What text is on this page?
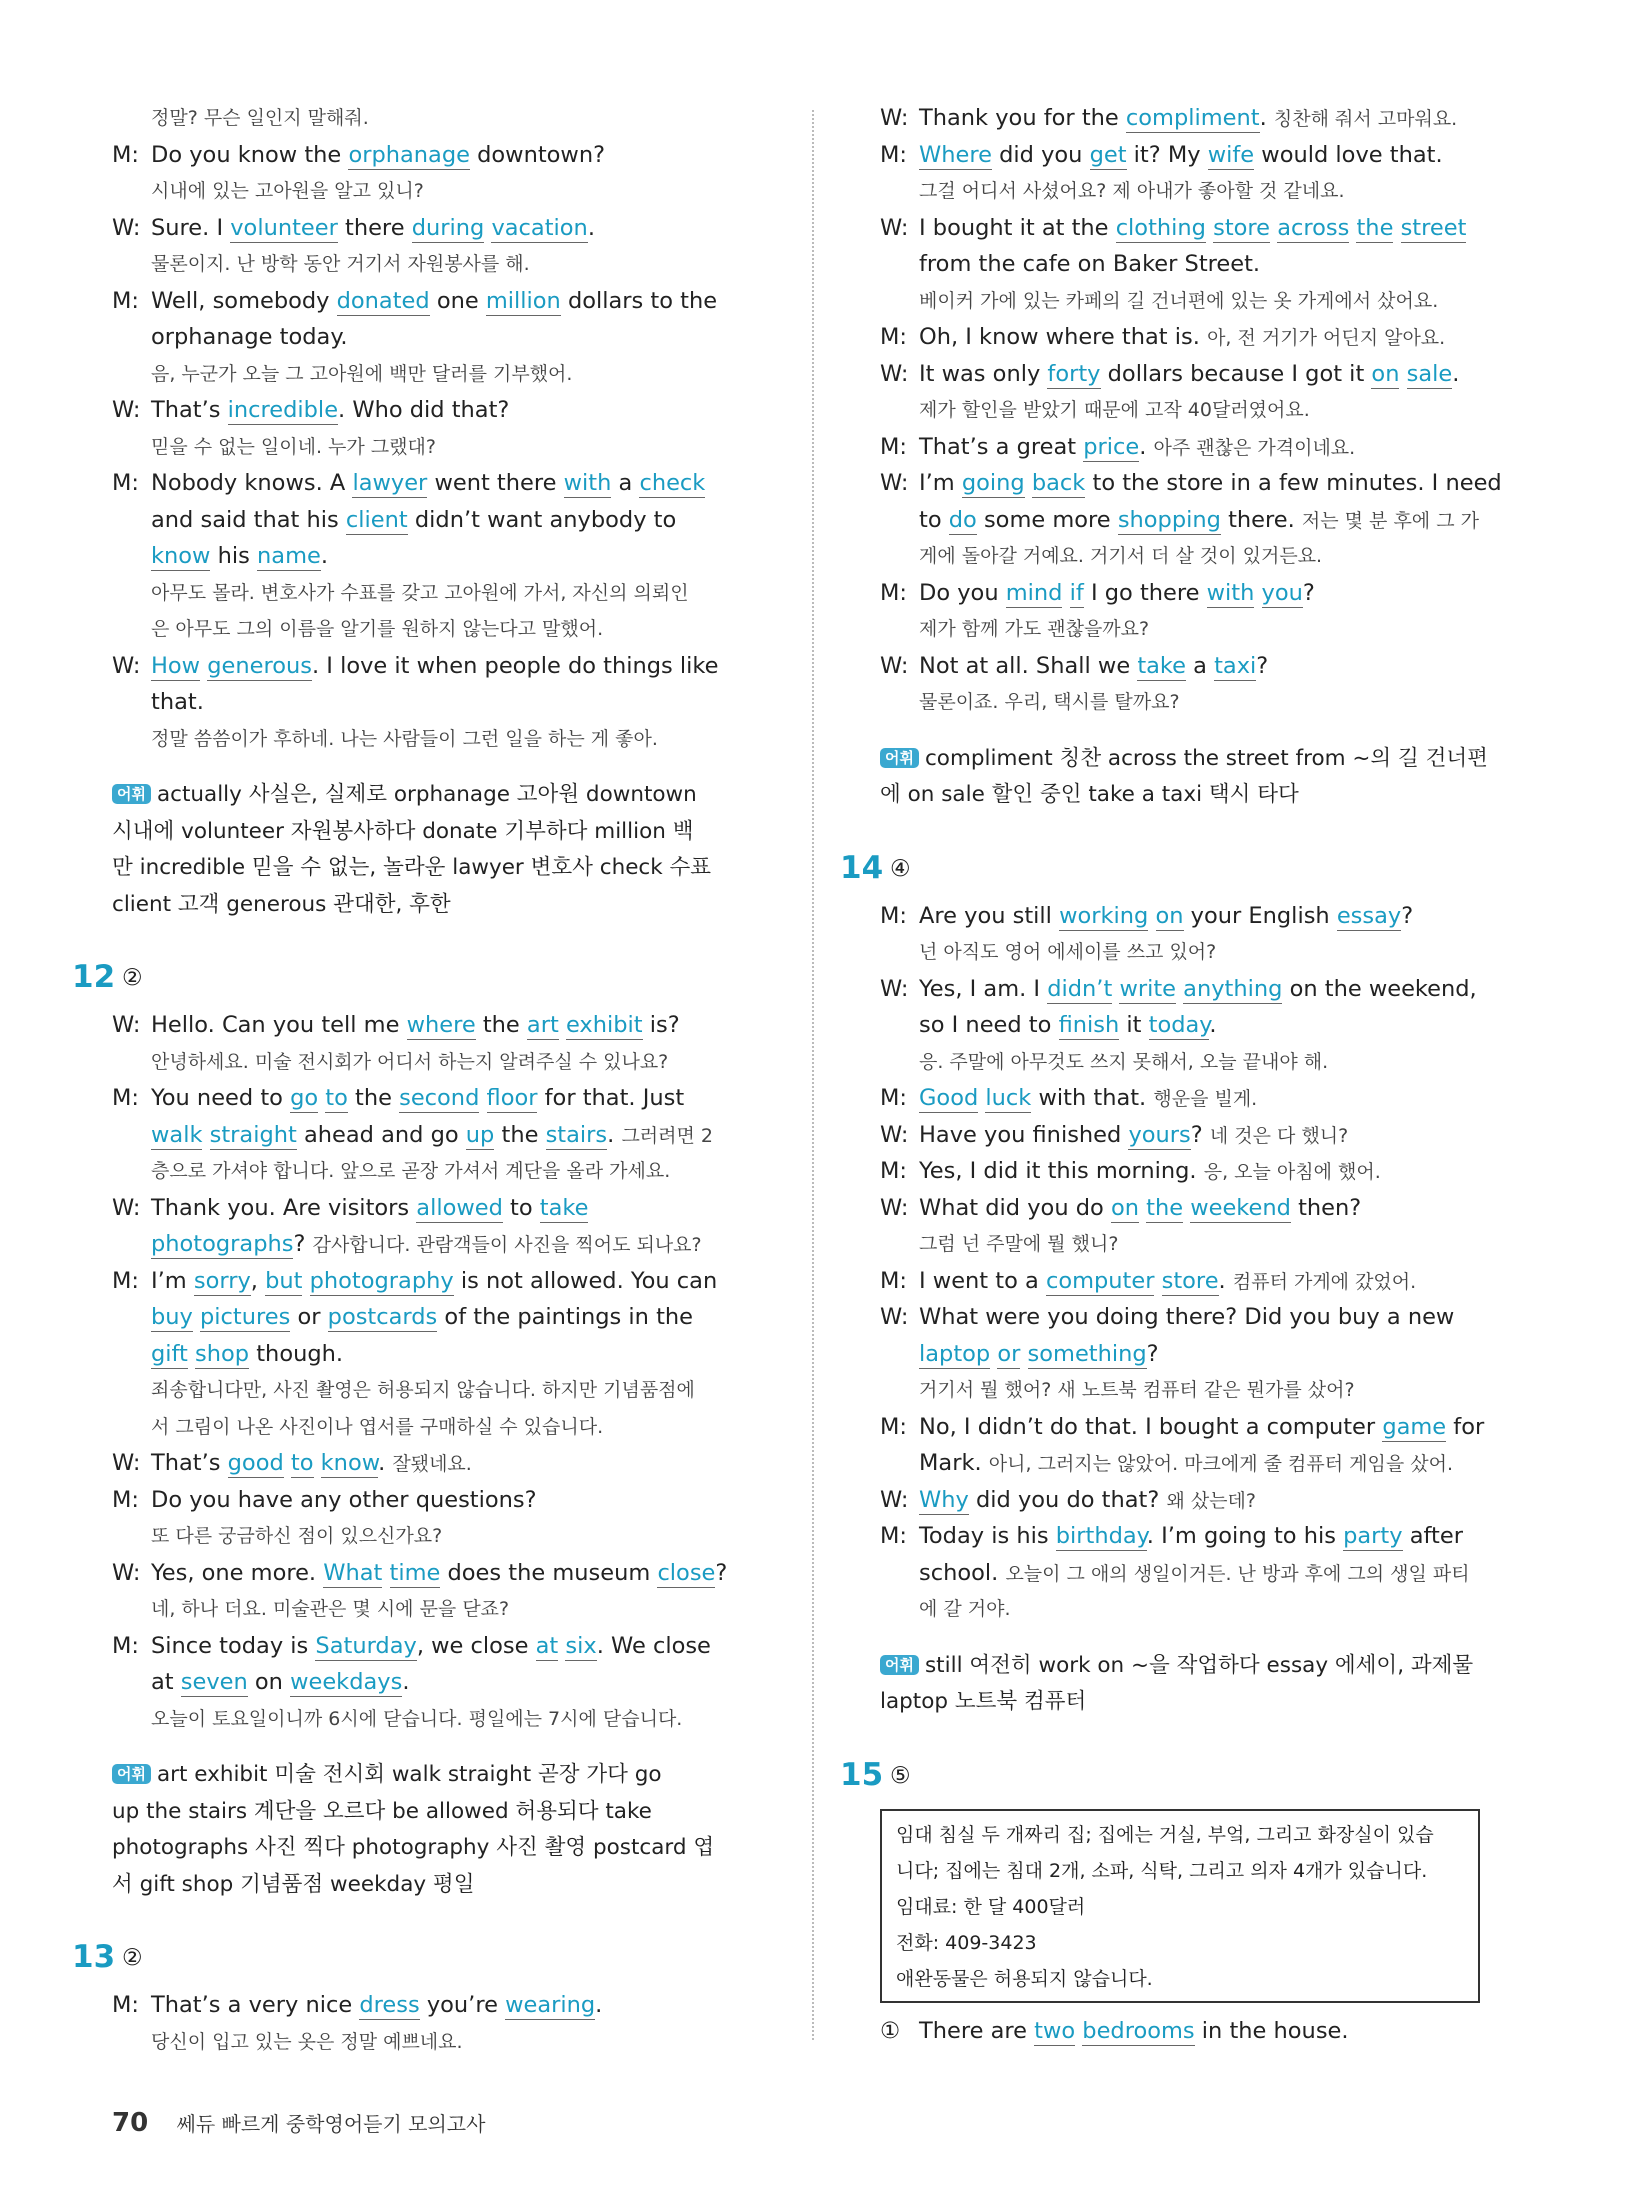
정말? 무슨 일인지 말해줘.
M: Do you know the orphanage downtown?
시내에 있는 고아원을 알고 있니?
W: Sure. I volunteer there during vacation.
물론이지. 난 방학 동안 거기서 자원봉사를 해.
M: Well, somebody donated one million dollars to the
orphanage today.
음, 누군가 오늘 그 고아원에 백만 달러를 기부했어.
W: That’s incredible. Who did that?
믿을 수 없는 일이네. 누가 그랬대?
M: Nobody knows. A lawyer went there with a check
and said that his client didn’t want anybody to
know his name.
아무도 몰라. 변호사가 수표를 갖고 고아원에 가서, 자신의 의뢰인
은 아무도 그의 이름을 알기를 원하지 않는다고 말했어.
W: How generous. I love it when people do things like
that.
정말 씀씀이가 후하네. 나는 사람들이 그런 일을 하는 게 좋아.
어휘 actually 사실은, 실제로 orphanage 고아원 downtown
시내에 volunteer 자원봉사하다 donate 기부하다 million 백
만 incredible 믿을 수 없는, 놀라운 lawyer 변호사 check 수표
client 고객 generous 관대한, 후한
12 ②
W: Hello. Can you tell me where the art exhibit is?
안녕하세요. 미술 전시회가 어디서 하는지 알려주실 수 있나요?
M: You need to go to the second floor for that. Just
walk straight ahead and go up the stairs. 그러려면 2
층으로 가셔야 합니다. 앞으로 곧장 가셔서 계단을 올라 가세요.
W: Thank you. Are visitors allowed to take
photographs? 감사합니다. 관람객들이 사진을 찍어도 되나요?
M: I’m sorry, but photography is not allowed. You can
buy pictures or postcards of the paintings in the
gift shop though.
죄송합니다만, 사진 촬영은 허용되지 않습니다. 하지만 기념품점에
서 그림이 나온 사진이나 엽서를 구매하실 수 있습니다.
W: That’s good to know. 잘됐네요.
M: Do you have any other questions?
또 다른 궁금하신 점이 있으신가요?
W: Yes, one more. What time does the museum close?
네, 하나 더요. 미술관은 몇 시에 문을 닫죠?
M: Since today is Saturday, we close at six. We close
at seven on weekdays.
오늘이 토요일이니까 6시에 닫습니다. 평일에는 7시에 닫습니다.
어휘 art exhibit 미술 전시회 walk straight 곧장 가다 go
up the stairs 계단을 오르다 be allowed 허용되다 take
photographs 사진 찍다 photography 사진 촬영 postcard 엽
서 gift shop 기념품점 weekday 평일
13 ②
M: That’s a very nice dress you’re wearing.
당신이 입고 있는 옷은 정말 예쁘네요.
W: Thank you for the compliment. 칭찬해 줘서 고마워요.
M: Where did you get it? My wife would love that.
그걸 어디서 사셨어요? 제 아내가 좋아할 것 같네요.
W: I bought it at the clothing store across the street
from the cafe on Baker Street.
베이커 가에 있는 카페의 길 건너편에 있는 옷 가게에서 샀어요.
M: Oh, I know where that is. 아, 전 거기가 어딘지 알아요.
W: It was only forty dollars because I got it on sale.
제가 할인을 받았기 때문에 고작 40달러였어요.
M: That’s a great price. 아주 괜찮은 가격이네요.
W: I’m going back to the store in a few minutes. I need
to do some more shopping there. 저는 몇 분 후에 그 가
게에 돌아갈 거예요. 거기서 더 살 것이 있거든요.
M: Do you mind if I go there with you?
제가 함께 가도 괜찮을까요?
W: Not at all. Shall we take a taxi?
물론이죠. 우리, 택시를 탈까요?
어휘 compliment 칭찬 across the street from ~의 길 건너편
에 on sale 할인 중인 take a taxi 택시 타다
14 ④
M: Are you still working on your English essay?
넌 아직도 영어 에세이를 쓰고 있어?
W: Yes, I am. I didn’t write anything on the weekend,
so I need to finish it today.
응. 주말에 아무것도 쓰지 못해서, 오늘 끝내야 해.
M: Good luck with that. 행운을 빌게.
W: Have you finished yours? 네 것은 다 했니?
M: Yes, I did it this morning. 응, 오늘 아침에 했어.
W: What did you do on the weekend then?
그럼 넌 주말에 뭘 했니?
M: I went to a computer store. 컴퓨터 가게에 갔었어.
W: What were you doing there? Did you buy a new
laptop or something?
거기서 뭘 했어? 새 노트북 컴퓨터 같은 뭔가를 샀어?
M: No, I didn’t do that. I bought a computer game for
Mark. 아니, 그러지는 않았어. 마크에게 줄 컴퓨터 게임을 샀어.
W: Why did you do that? 왜 샀는데?
M: Today is his birthday. I’m going to his party after
school. 오늘이 그 애의 생일이거든. 난 방과 후에 그의 생일 파티
에 갈 거야.
어휘 still 여전히 work on ~을 작업하다 essay 에세이, 과제물
laptop 노트북 컴퓨터
15 ⑤
임대 침실 두 개짜리 집; 집에는 거실, 부엌, 그리고 화장실이 있습
니다; 집에는 침대 2개, 소파, 식탁, 그리고 의자 4개가 있습니다.
임대료: 한 달 400달러
전화: 409-3423
애완동물은 허용되지 않습니다.
① There are two bedrooms in the house.
70 쎄듀 빠르게 중학영어듣기 모의고사
